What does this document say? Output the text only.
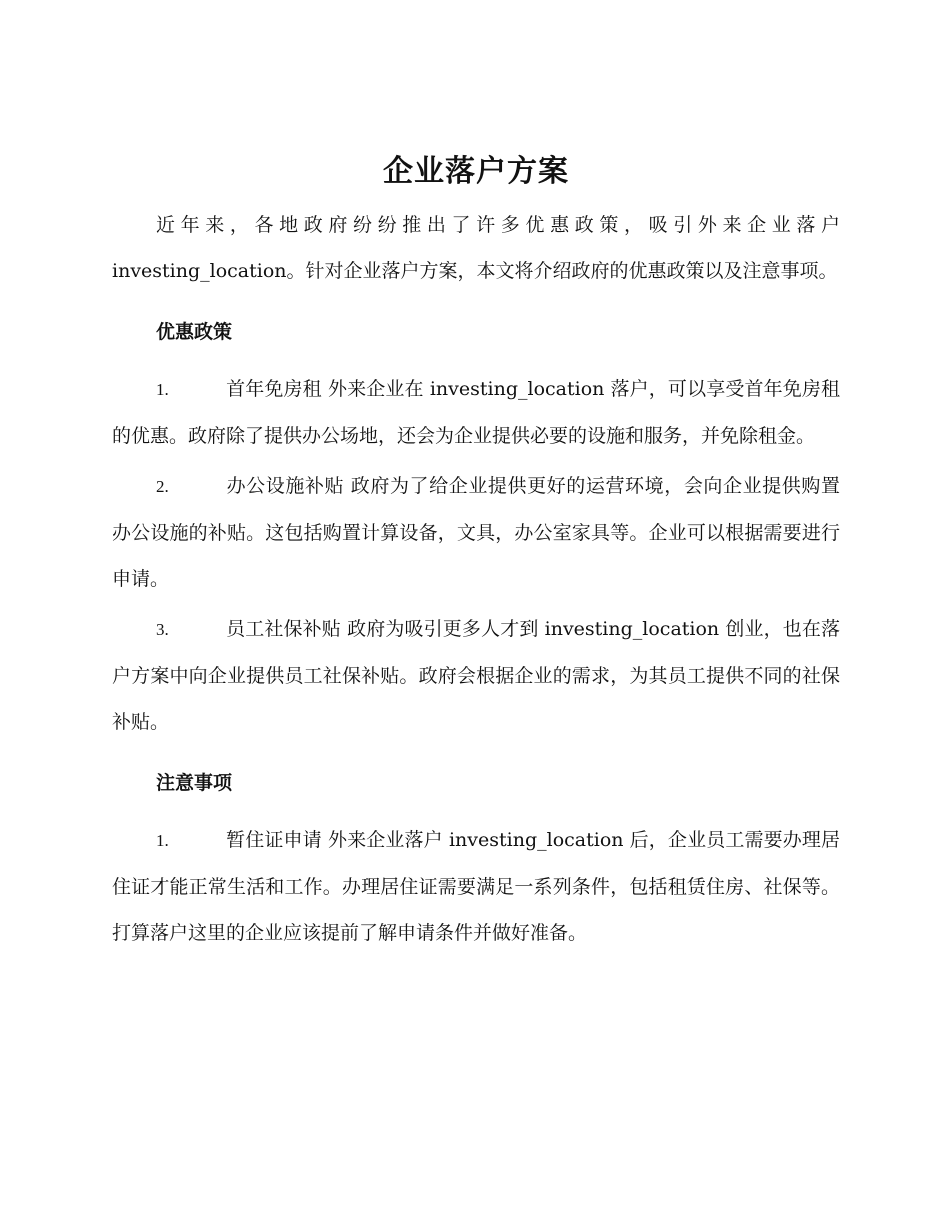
企业落户方案

近年来，各地政府纷纷推出了许多优惠政策，吸引外来企业落户 investing_location。针对企业落户方案，本文将介绍政府的优惠政策以及注意事项。

优惠政策

1.	首年免房租 外来企业在 investing_location 落户，可以享受首年免房租的优惠。政府除了提供办公场地，还会为企业提供必要的设施和服务，并免除租金。

2.	办公设施补贴 政府为了给企业提供更好的运营环境，会向企业提供购置办公设施的补贴。这包括购置计算设备，文具，办公室家具等。企业可以根据需要进行申请。

3.	员工社保补贴 政府为吸引更多人才到 investing_location 创业，也在落户方案中向企业提供员工社保补贴。政府会根据企业的需求，为其员工提供不同的社保补贴。

注意事项

1.	暂住证申请 外来企业落户 investing_location 后，企业员工需要办理居住证才能正常生活和工作。办理居住证需要满足一系列条件，包括租赁住房、社保等。打算落户这里的企业应该提前了解申请条件并做好准备。
